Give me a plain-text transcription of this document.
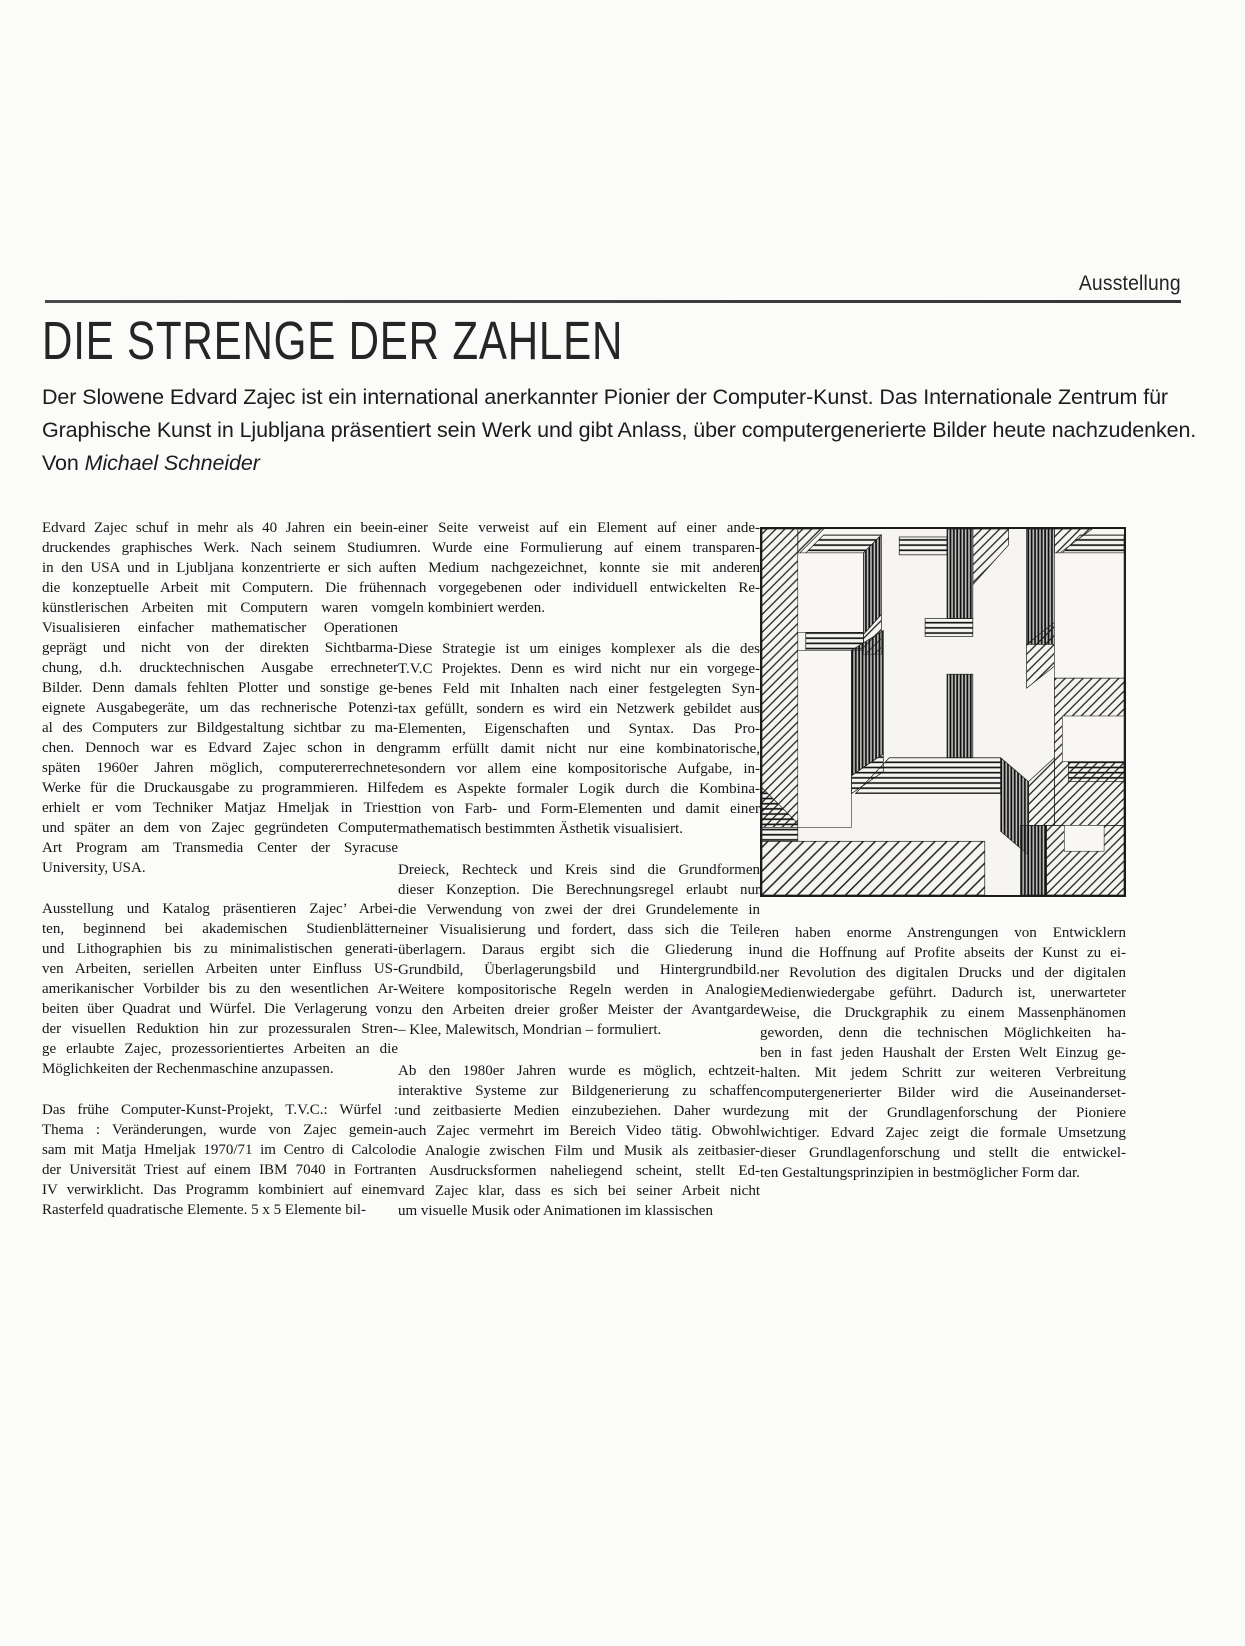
Ausstellung
DIE STRENGE DER ZAHLEN
Der Slowene Edvard Zajec ist ein international anerkannter Pionier der Computer-Kunst. Das Internationale Zentrum für
Graphische Kunst in Ljubljana präsentiert sein Werk und gibt Anlass, über computergenerierte Bilder heute nachzudenken.
Von Michael Schneider
Edvard Zajec schuf in mehr als 40 Jahren ein beein-
druckendes graphisches Werk. Nach seinem Studium
in den USA und in Ljubljana konzentrierte er sich auf
die konzeptuelle Arbeit mit Computern. Die frühen
künstlerischen Arbeiten mit Computern waren vom
Visualisieren einfacher mathematischer Operationen
geprägt und nicht von der direkten Sichtbarma-
chung, d.h. drucktechnischen Ausgabe errechneter
Bilder. Denn damals fehlten Plotter und sonstige ge-
eignete Ausgabegeräte, um das rechnerische Potenzi-
al des Computers zur Bildgestaltung sichtbar zu ma-
chen. Dennoch war es Edvard Zajec schon in den
späten 1960er Jahren möglich, computererrechnete
Werke für die Druckausgabe zu programmieren. Hilfe
erhielt er vom Techniker Matjaz Hmeljak in Triest
und später an dem von Zajec gegründeten Computer
Art Program am Transmedia Center der Syracuse
University, USA.
Ausstellung und Katalog präsentieren Zajec’ Arbei-
ten, beginnend bei akademischen Studienblättern
und Lithographien bis zu minimalistischen generati-
ven Arbeiten, seriellen Arbeiten unter Einfluss US-
amerikanischer Vorbilder bis zu den wesentlichen Ar-
beiten über Quadrat und Würfel. Die Verlagerung von
der visuellen Reduktion hin zur prozessuralen Stren-
ge erlaubte Zajec, prozessorientiertes Arbeiten an die
Möglichkeiten der Rechenmaschine anzupassen.
Das frühe Computer-Kunst-Projekt, T.V.C.: Würfel :
Thema : Veränderungen, wurde von Zajec gemein-
sam mit Matja Hmeljak 1970/71 im Centro di Calcolo
der Universität Triest auf einem IBM 7040 in Fortran
IV verwirklicht. Das Programm kombiniert auf einem
Rasterfeld quadratische Elemente. 5 x 5 Elemente bil-
einer Seite verweist auf ein Element auf einer ande-
ren. Wurde eine Formulierung auf einem transparen-
ten Medium nachgezeichnet, konnte sie mit anderen
nach vorgegebenen oder individuell entwickelten Re-
geln kombiniert werden.
Diese Strategie ist um einiges komplexer als die des
T.V.C Projektes. Denn es wird nicht nur ein vorgege-
benes Feld mit Inhalten nach einer festgelegten Syn-
tax gefüllt, sondern es wird ein Netzwerk gebildet aus
Elementen, Eigenschaften und Syntax. Das Pro-
gramm erfüllt damit nicht nur eine kombinatorische,
sondern vor allem eine kompositorische Aufgabe, in-
dem es Aspekte formaler Logik durch die Kombina-
tion von Farb- und Form-Elementen und damit einer
mathematisch bestimmten Ästhetik visualisiert.
Dreieck, Rechteck und Kreis sind die Grundformen
dieser Konzeption. Die Berechnungsregel erlaubt nur
die Verwendung von zwei der drei Grundelemente in
einer Visualisierung und fordert, dass sich die Teile
überlagern. Daraus ergibt sich die Gliederung in
Grundbild, Überlagerungsbild und Hintergrundbild.
Weitere kompositorische Regeln werden in Analogie
zu den Arbeiten dreier großer Meister der Avantgarde
– Klee, Malewitsch, Mondrian – formuliert.
Ab den 1980er Jahren wurde es möglich, echtzeit-
interaktive Systeme zur Bildgenerierung zu schaffen
und zeitbasierte Medien einzubeziehen. Daher wurde
auch Zajec vermehrt im Bereich Video tätig. Obwohl
die Analogie zwischen Film und Musik als zeitbasier-
ten Ausdrucksformen naheliegend scheint, stellt Ed-
vard Zajec klar, dass es sich bei seiner Arbeit nicht
um visuelle Musik oder Animationen im klassischen
ren haben enorme Anstrengungen von Entwicklern
und die Hoffnung auf Profite abseits der Kunst zu ei-
ner Revolution des digitalen Drucks und der digitalen
Medienwiedergabe geführt. Dadurch ist, unerwarteter
Weise, die Druckgraphik zu einem Massenphänomen
geworden, denn die technischen Möglichkeiten ha-
ben in fast jeden Haushalt der Ersten Welt Einzug ge-
halten. Mit jedem Schritt zur weiteren Verbreitung
computergenerierter Bilder wird die Auseinanderset-
zung mit der Grundlagenforschung der Pioniere
wichtiger. Edvard Zajec zeigt die formale Umsetzung
dieser Grundlagenforschung und stellt die entwickel-
ten Gestaltungsprinzipien in bestmöglicher Form dar.
